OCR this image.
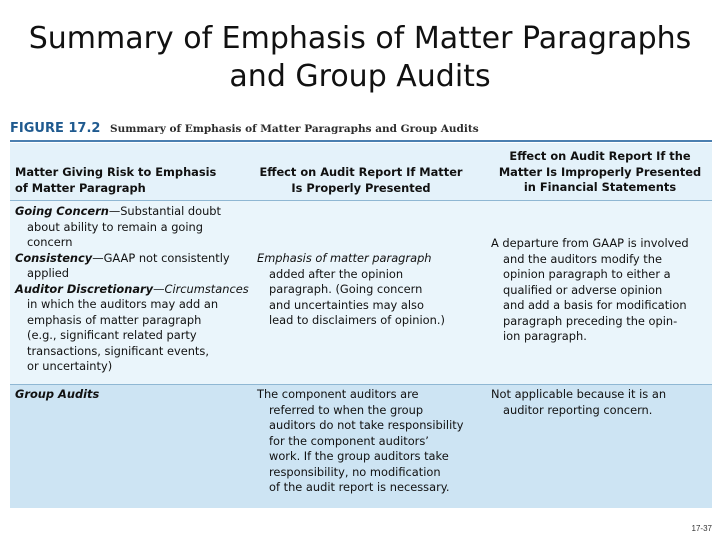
Summary of Emphasis of Matter Paragraphs
and Group Audits
FIGURE 17.2 Summary of Emphasis of Matter Paragraphs and Group Audits
Matter Giving Risk to Emphasis
of Matter Paragraph
Effect on Audit Report If Matter
Is Properly Presented
Effect on Audit Report If the
Matter Is Improperly Presented
in Financial Statements
Going Concern—Substantial doubt
about ability to remain a going
concern
Consistency—GAAP not consistently
applied
Auditor Discretionary—Circumstances
in which the auditors may add an
emphasis of matter paragraph
(e.g., significant related party
transactions, significant events,
or uncertainty)
Emphasis of matter paragraph
added after the opinion
paragraph. (Going concern
and uncertainties may also
lead to disclaimers of opinion.)
A departure from GAAP is involved
and the auditors modify the
opinion paragraph to either a
qualified or adverse opinion
and add a basis for modification
paragraph preceding the opin-
ion paragraph.
Group Audits	The component auditors are
referred to when the group
auditors do not take responsibility
for the component auditors’
work. If the group auditors take
responsibility, no modification
of the audit report is necessary.
Not applicable because it is an
auditor reporting concern.
17-37
